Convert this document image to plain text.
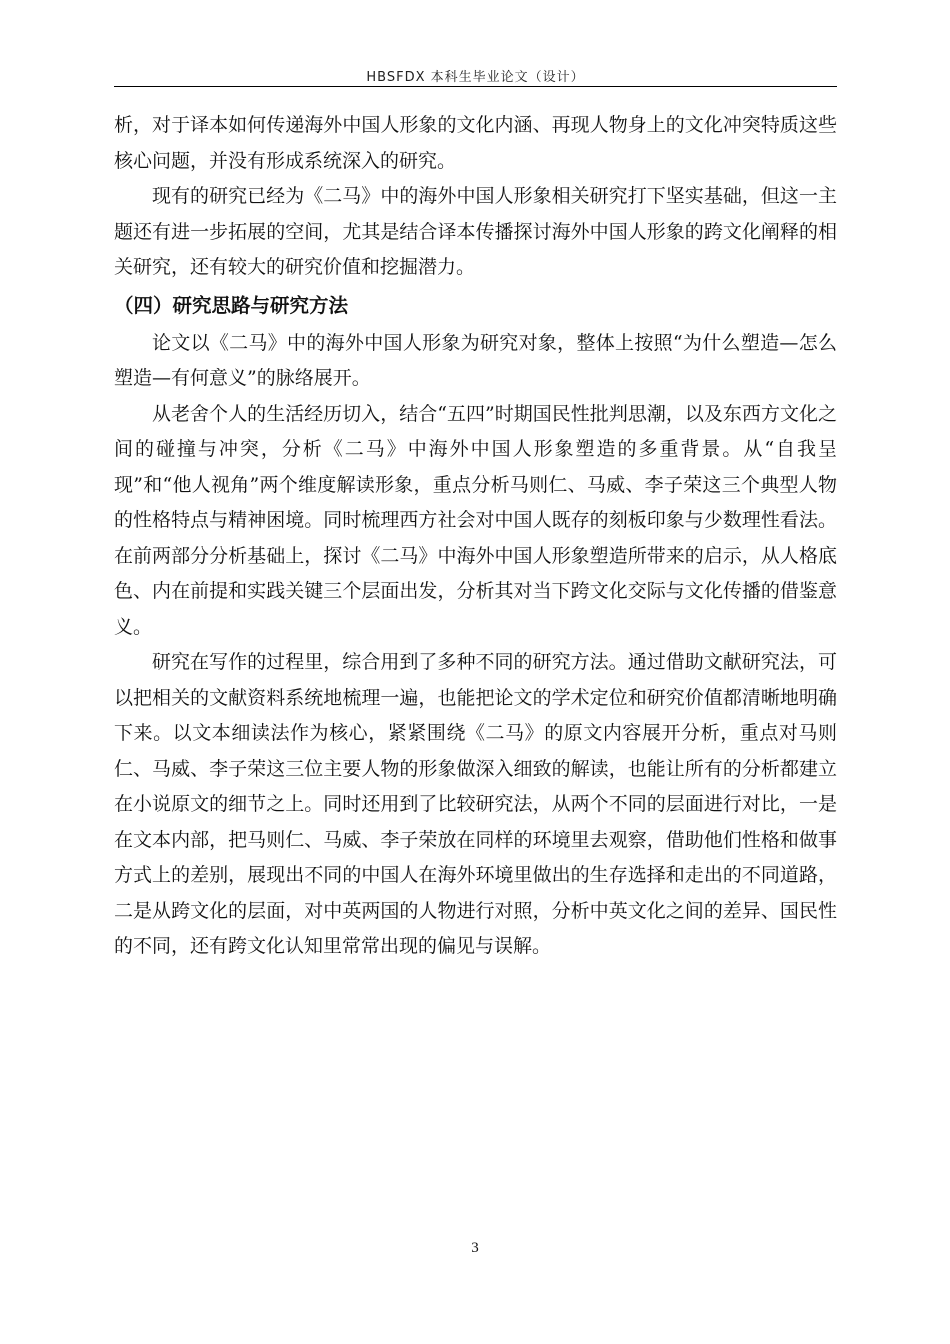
HBSFDX 本科生毕业论文（设计）

析，对于译本如何传递海外中国人形象的文化内涵、再现人物身上的文化冲突特质这些核心问题，并没有形成系统深入的研究。

现有的研究已经为《二马》中的海外中国人形象相关研究打下坚实基础，但这一主题还有进一步拓展的空间，尤其是结合译本传播探讨海外中国人形象的跨文化阐释的相关研究，还有较大的研究价值和挖掘潜力。

（四）研究思路与研究方法

论文以《二马》中的海外中国人形象为研究对象，整体上按照“为什么塑造—怎么塑造—有何意义”的脉络展开。

从老舍个人的生活经历切入，结合“五四”时期国民性批判思潮，以及东西方文化之间的碰撞与冲突，分析《二马》中海外中国人形象塑造的多重背景。从“自我呈现”和“他人视角”两个维度解读形象，重点分析马则仁、马威、李子荣这三个典型人物的性格特点与精神困境。同时梳理西方社会对中国人既存的刻板印象与少数理性看法。在前两部分分析基础上，探讨《二马》中海外中国人形象塑造所带来的启示，从人格底色、内在前提和实践关键三个层面出发，分析其对当下跨文化交际与文化传播的借鉴意义。

研究在写作的过程里，综合用到了多种不同的研究方法。通过借助文献研究法，可以把相关的文献资料系统地梳理一遍，也能把论文的学术定位和研究价值都清晰地明确下来。以文本细读法作为核心，紧紧围绕《二马》的原文内容展开分析，重点对马则仁、马威、李子荣这三位主要人物的形象做深入细致的解读，也能让所有的分析都建立在小说原文的细节之上。同时还用到了比较研究法，从两个不同的层面进行对比，一是在文本内部，把马则仁、马威、李子荣放在同样的环境里去观察，借助他们性格和做事方式上的差别，展现出不同的中国人在海外环境里做出的生存选择和走出的不同道路，二是从跨文化的层面，对中英两国的人物进行对照，分析中英文化之间的差异、国民性的不同，还有跨文化认知里常常出现的偏见与误解。

3
